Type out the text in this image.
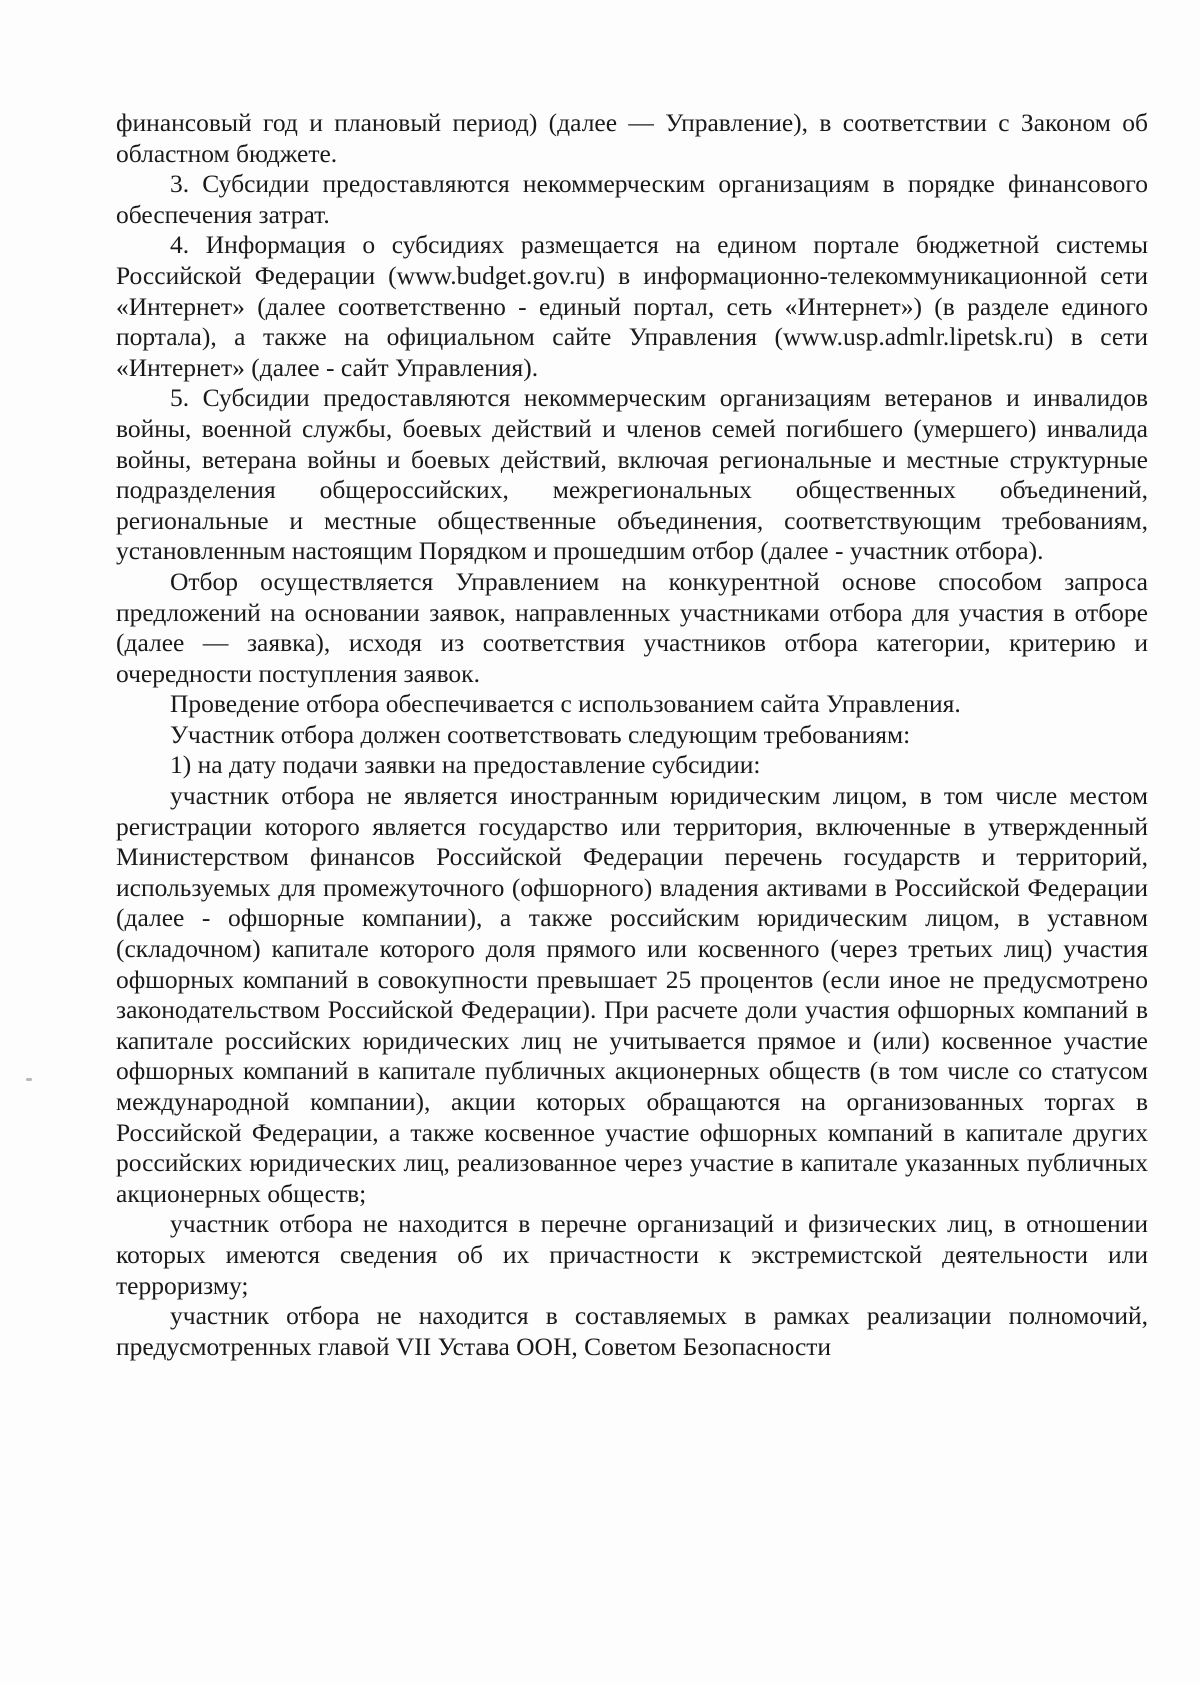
финансовый год и плановый период) (далее — Управление), в соответствии с Законом об областном бюджете.

3. Субсидии предоставляются некоммерческим организациям в порядке финансового обеспечения затрат.

4. Информация о субсидиях размещается на едином портале бюджетной системы Российской Федерации (www.budget.gov.ru) в информационно-телекоммуникационной сети «Интернет» (далее соответственно - единый портал, сеть «Интернет») (в разделе единого портала), а также на официальном сайте Управления (www.usp.admlr.lipetsk.ru) в сети «Интернет» (далее - сайт Управления).

5. Субсидии предоставляются некоммерческим организациям ветеранов и инвалидов войны, военной службы, боевых действий и членов семей погибшего (умершего) инвалида войны, ветерана войны и боевых действий, включая региональные и местные структурные подразделения общероссийских, межрегиональных общественных объединений, региональные и местные общественные объединения, соответствующим требованиям, установленным настоящим Порядком и прошедшим отбор (далее - участник отбора).

Отбор осуществляется Управлением на конкурентной основе способом запроса предложений на основании заявок, направленных участниками отбора для участия в отборе (далее — заявка), исходя из соответствия участников отбора категории, критерию и очередности поступления заявок.

Проведение отбора обеспечивается с использованием сайта Управления.

Участник отбора должен соответствовать следующим требованиям:

1) на дату подачи заявки на предоставление субсидии:

участник отбора не является иностранным юридическим лицом, в том числе местом регистрации которого является государство или территория, включенные в утвержденный Министерством финансов Российской Федерации перечень государств и территорий, используемых для промежуточного (офшорного) владения активами в Российской Федерации (далее - офшорные компании), а также российским юридическим лицом, в уставном (складочном) капитале которого доля прямого или косвенного (через третьих лиц) участия офшорных компаний в совокупности превышает 25 процентов (если иное не предусмотрено законодательством Российской Федерации). При расчете доли участия офшорных компаний в капитале российских юридических лиц не учитывается прямое и (или) косвенное участие офшорных компаний в капитале публичных акционерных обществ (в том числе со статусом международной компании), акции которых обращаются на организованных торгах в Российской Федерации, а также косвенное участие офшорных компаний в капитале других российских юридических лиц, реализованное через участие в капитале указанных публичных акционерных обществ;

участник отбора не находится в перечне организаций и физических лиц, в отношении которых имеются сведения об их причастности к экстремистской деятельности или терроризму;

участник отбора не находится в составляемых в рамках реализации полномочий, предусмотренных главой VII Устава ООН, Советом Безопасности
